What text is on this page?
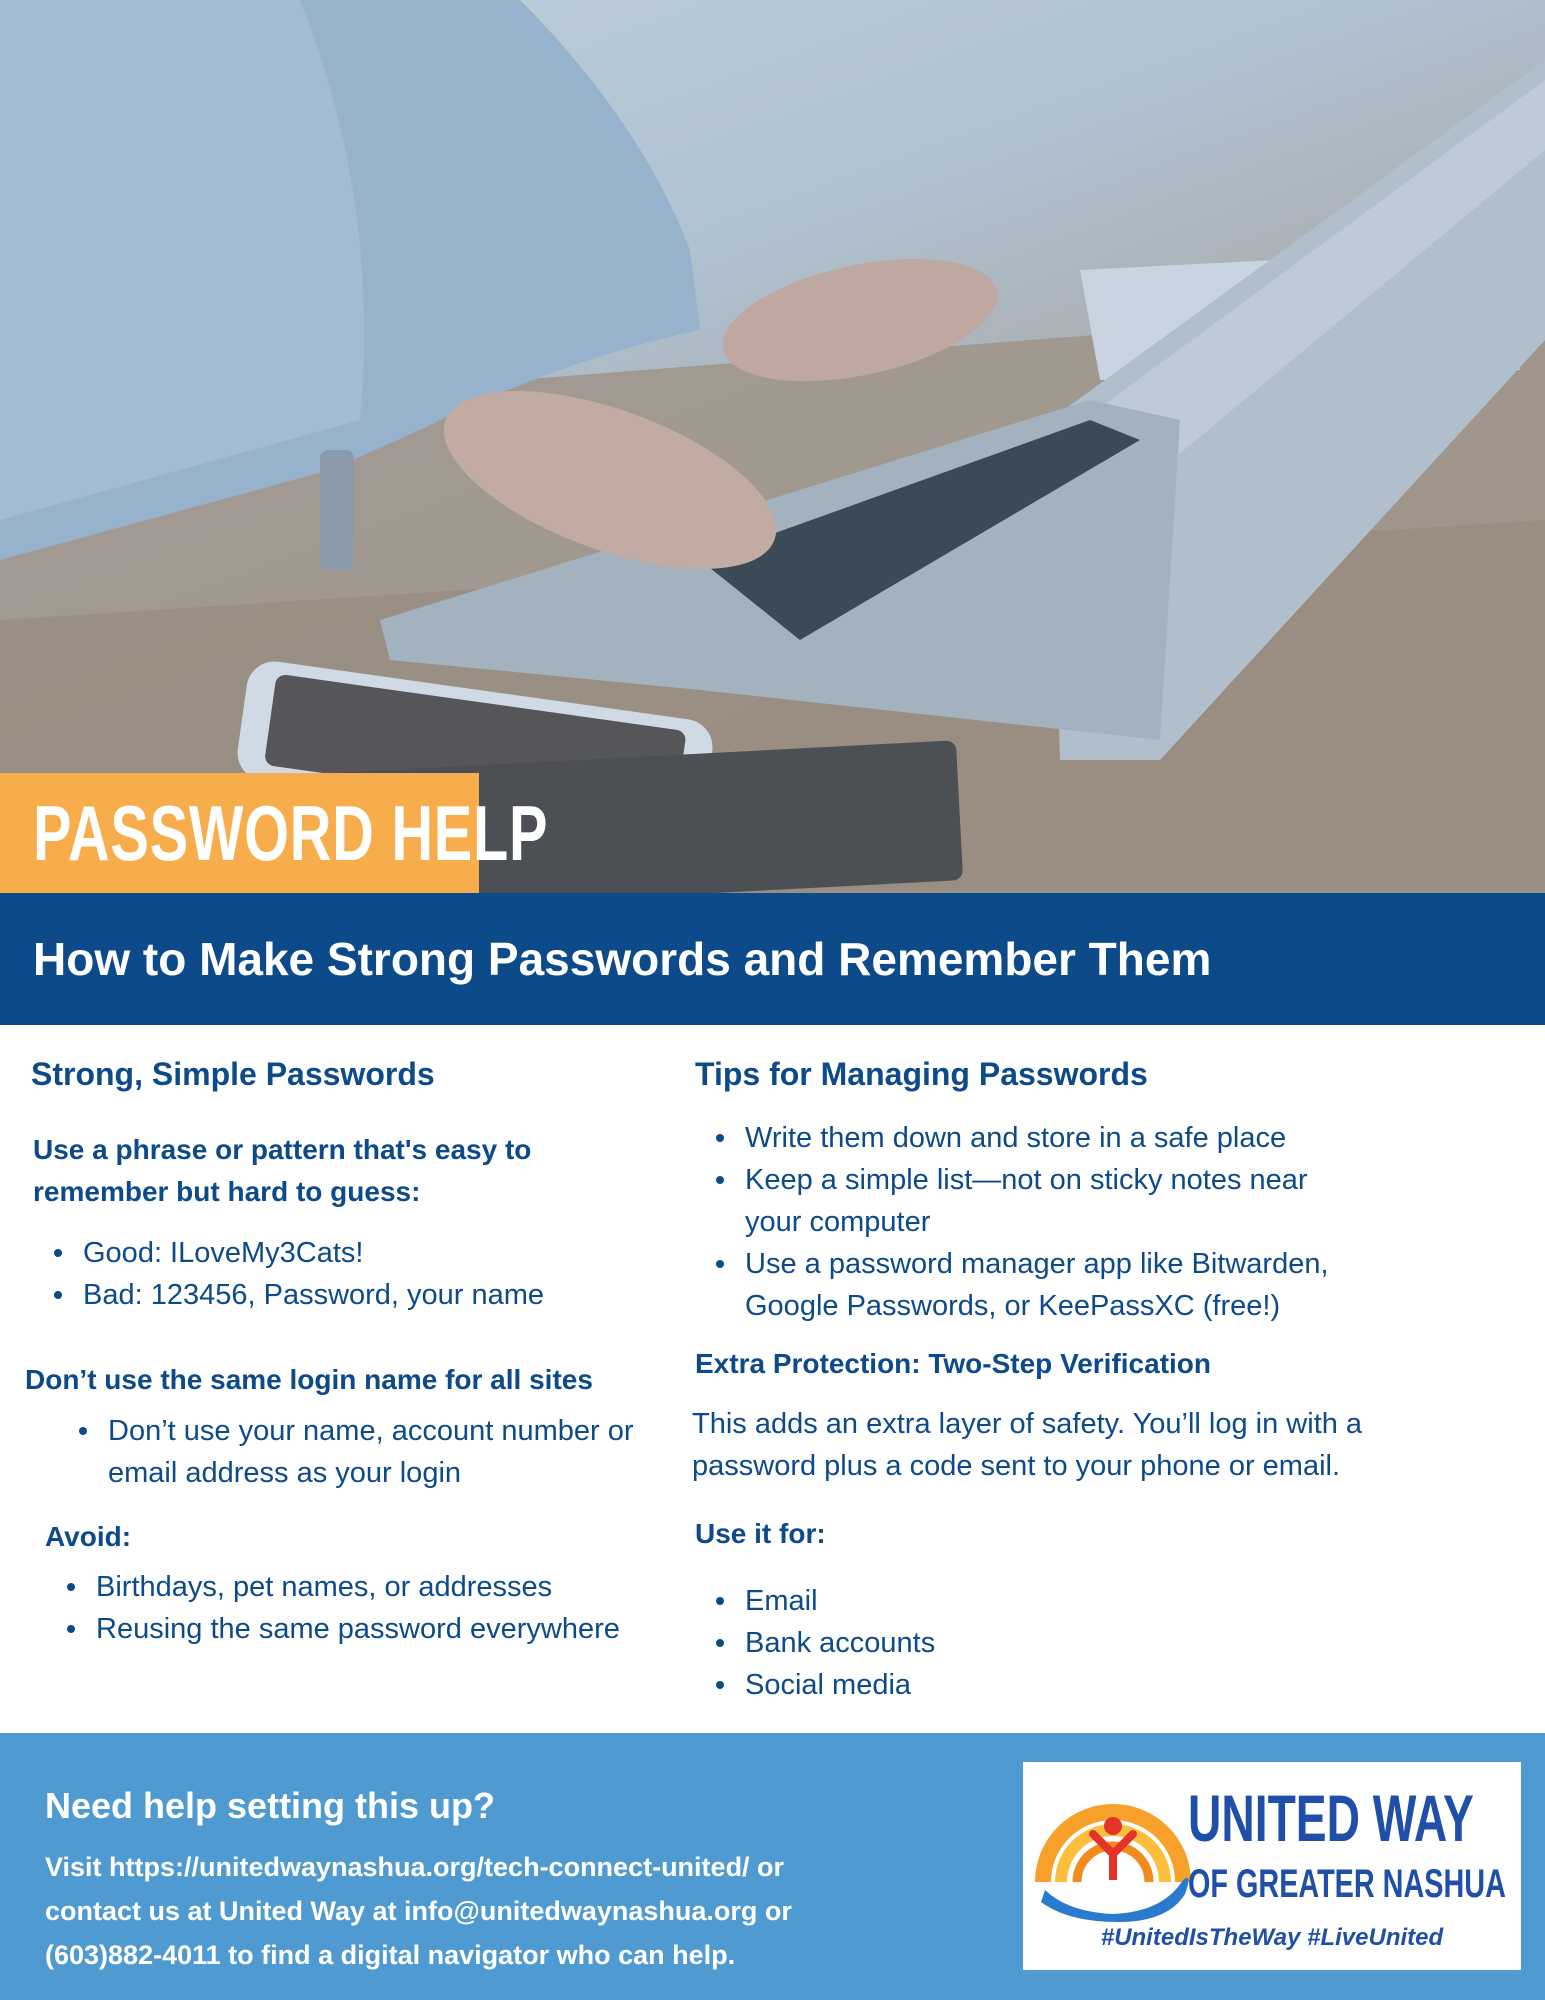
PASSWORD HELP
How to Make Strong Passwords and Remember Them
Strong, Simple Passwords
Use a phrase or pattern that's easy to remember but hard to guess:
Good: ILoveMy3Cats!
Bad: 123456, Password, your name
Don’t use the same login name for all sites
Don’t use your name, account number or email address as your login
Avoid:
Birthdays, pet names, or addresses
Reusing the same password everywhere
Tips for Managing Passwords
Write them down and store in a safe place
Keep a simple list—not on sticky notes near your computer
Use a password manager app like Bitwarden, Google Passwords, or KeePassXC (free!)
Extra Protection: Two-Step Verification
This adds an extra layer of safety. You’ll log in with a password plus a code sent to your phone or email.
Use it for:
Email
Bank accounts
Social media
Need help setting this up?
Visit https://unitedwaynashua.org/tech-connect-united/ or contact us at United Way at info@unitedwaynashua.org or (603)882-4011 to find a digital navigator who can help.
UNITED WAY
OF GREATER NASHUA
#UnitedIsTheWay #LiveUnited
